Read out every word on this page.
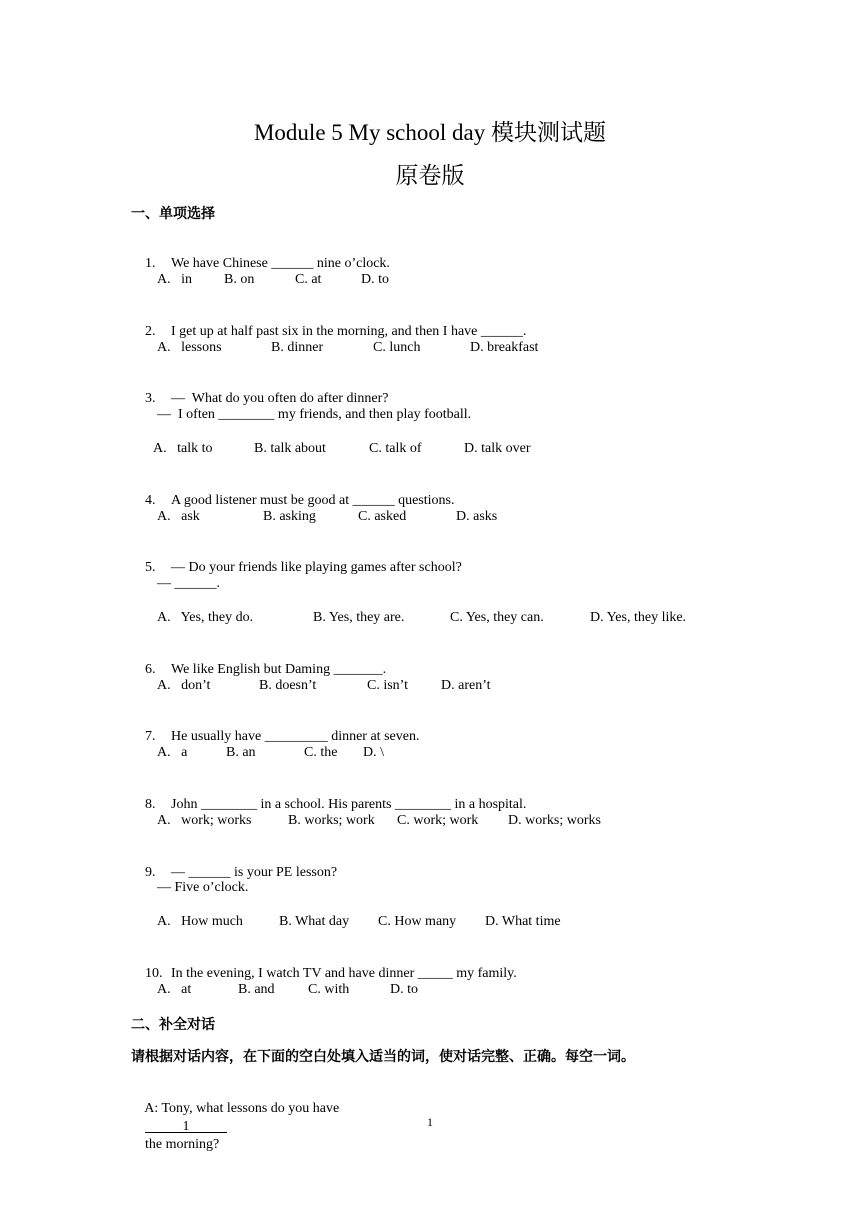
Module 5 My school day 模块测试题
原卷版
一、单项选择

1. We have Chinese ______ nine o’clock.

A.   in

B. on

	C. at

	D. to

2. I get up at half past six in the morning, and then I have ______.

A.   lessons

	B. dinner

	C. lunch

	D. breakfast

3. —  What do you often do after dinner?

—  I often ________ my friends, and then play football.

A.   talk to

	B. talk about

	C. talk of

	D. talk over

4. A good listener must be good at ______ questions.

A.   ask

	B. asking

	C. asked

	D. asks

5. — Do your friends like playing games after school?

— ______.

A.   Yes, they do.

	B. Yes, they are.

	C. Yes, they can.

	D. Yes, they like.

6. We like English but Daming _______.

A.   don’t

	B. doesn’t

	C. isn’t

D. aren’t

7. He usually have _________ dinner at seven.

A.   a

	B. an

	C. the

D. \

8. John ________ in a school. His parents ________ in a hospital.

A.   work; works

	B. works; work

C. work; work

D. works; works

9. — ______ is your PE lesson?

— Five o’clock.

A.   How much

	B. What day

C. How many

D. What time

10. In the evening, I watch TV and have dinner _____ my family.

A.   at

	B. and

C. with

	D. to

二、补全对话
请根据对话内容，在下面的空白处填入适当的词，使对话完整、正确。每空一词。

A: Tony, what lessons do you have
1
the morning?

1
